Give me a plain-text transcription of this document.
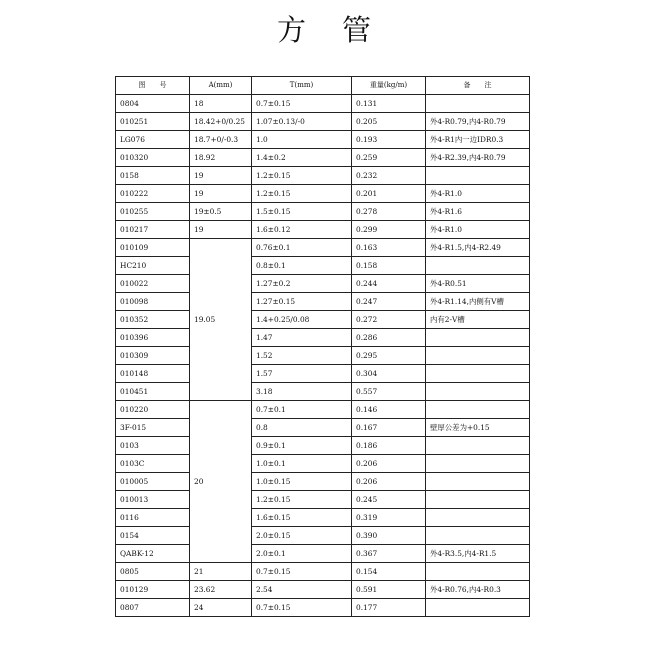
方 管
图　　号	A(mm)	T(mm)	重量(kg/m)	备　　注
0804	18	0.7±0.15	0.131	
010251	18.42+0/0.25	1.07±0.13/-0	0.205	外4-R0.79,内4-R0.79
LG076	18.7+0/-0.3	1.0	0.193	外4-R1内一边IDR0.3
010320	18.92	1.4±0.2	0.259	外4-R2.39,内4-R0.79
0158	19	1.2±0.15	0.232	
010222	19	1.2±0.15	0.201	外4-R1.0
010255	19±0.5	1.5±0.15	0.278	外4-R1.6
010217	19	1.6±0.12	0.299	外4-R1.0
010109	19.05	0.76±0.1	0.163	外4-R1.5,内4-R2.49
HC210		0.8±0.1	0.158	
010022		1.27±0.2	0.244	外4-R0.51
010098		1.27±0.15	0.247	外4-R1.14,内侧有V槽
010352		1.4+0.25/0.08	0.272	内有2-V槽
010396		1.47	0.286	
010309		1.52	0.295	
010148		1.57	0.304	
010451		3.18	0.557	
010220	20	0.7±0.1	0.146	
3F-015		0.8	0.167	壁厚公差为+0.15
0103		0.9±0.1	0.186	
0103C		1.0±0.1	0.206	
010005		1.0±0.15	0.206	
010013		1.2±0.15	0.245	
0116		1.6±0.15	0.319	
0154		2.0±0.15	0.390	
QABK-12		2.0±0.1	0.367	外4-R3.5,内4-R1.5
0805	21	0.7±0.15	0.154	
010129	23.62	2.54	0.591	外4-R0.76,内4-R0.3
0807	24	0.7±0.15	0.177	
